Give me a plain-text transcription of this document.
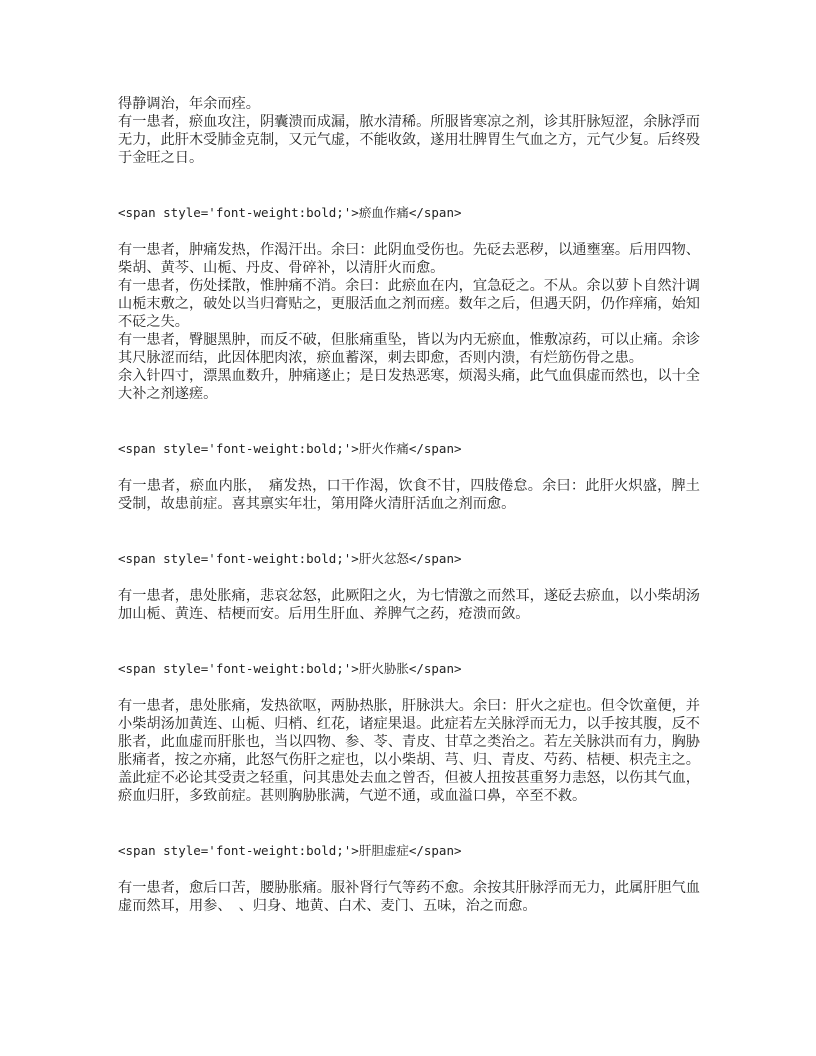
得静调治，年余而痊。

有一患者，瘀血攻注，阴囊溃而成漏，脓水清稀。所服皆寒凉之剂，诊其肝脉短涩，余脉浮而无力，此肝木受肺金克制，又元气虚，不能收敛，遂用壮脾胃生气血之方，元气少复。后终殁于金旺之日。

<span style='font-weight:bold;'>瘀血作痛</span>

有一患者，肿痛发热，作渴汗出。余曰：此阴血受伤也。先砭去恶秽，以通壅塞。后用四物、柴胡、黄芩、山栀、丹皮、骨碎补，以清肝火而愈。

有一患者，伤处揉散，惟肿痛不消。余曰：此瘀血在内，宜急砭之。不从。余以萝卜自然汁调山栀末敷之，破处以当归膏贴之，更服活血之剂而瘥。数年之后，但遇天阴，仍作痒痛，始知不砭之失。

有一患者，臀腿黑肿，而反不破，但胀痛重坠，皆以为内无瘀血，惟敷凉药，可以止痛。余诊其尺脉涩而结，此因体肥肉浓，瘀血蓄深，刺去即愈，否则内溃，有烂筋伤骨之患。

余入针四寸，漂黑血数升，肿痛遂止；是日发热恶寒，烦渴头痛，此气血俱虚而然也，以十全大补之剂遂瘥。

<span style='font-weight:bold;'>肝火作痛</span>

有一患者，瘀血内胀，　痛发热，口干作渴，饮食不甘，四肢倦怠。余曰：此肝火炽盛，脾土受制，故患前症。喜其禀实年壮，第用降火清肝活血之剂而愈。

<span style='font-weight:bold;'>肝火忿怒</span>

有一患者，患处胀痛，悲哀忿怒，此厥阳之火，为七情激之而然耳，遂砭去瘀血，以小柴胡汤加山栀、黄连、桔梗而安。后用生肝血、养脾气之药，疮溃而敛。

<span style='font-weight:bold;'>肝火胁胀</span>

有一患者，患处胀痛，发热欲呕，两胁热胀，肝脉洪大。余曰：肝火之症也。但令饮童便，并小柴胡汤加黄连、山栀、归梢、红花，诸症果退。此症若左关脉浮而无力，以手按其腹，反不胀者，此血虚而肝胀也，当以四物、参、苓、青皮、甘草之类治之。若左关脉洪而有力，胸胁胀痛者，按之亦痛，此怒气伤肝之症也，以小柴胡、芎、归、青皮、芍药、桔梗、枳壳主之。盖此症不必论其受责之轻重，问其患处去血之曾否，但被人扭按甚重努力恚怒，以伤其气血，瘀血归肝，多致前症。甚则胸胁胀满，气逆不通，或血溢口鼻，卒至不救。

<span style='font-weight:bold;'>肝胆虚症</span>

有一患者，愈后口苦，腰胁胀痛。服补肾行气等药不愈。余按其肝脉浮而无力，此属肝胆气血虚而然耳，用参、　、归身、地黄、白术、麦门、五味，治之而愈。
